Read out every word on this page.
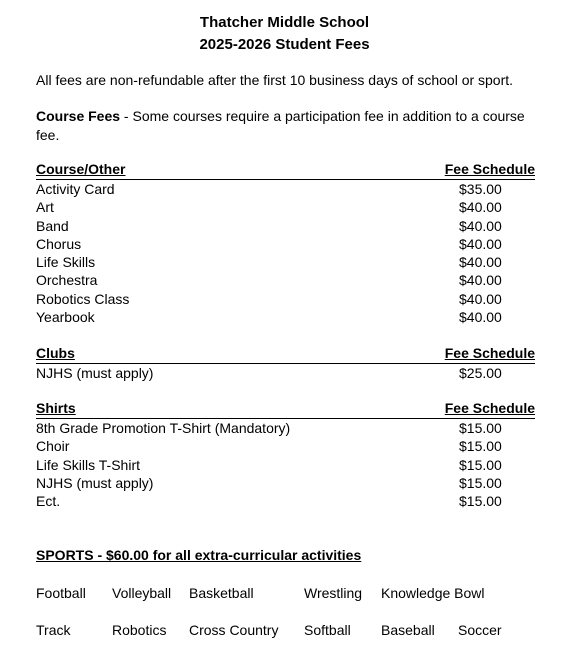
Thatcher Middle School
2025-2026 Student Fees
All fees are non-refundable after the first 10 business days of school or sport.
Course Fees - Some courses require a participation fee in addition to a course fee.
Course/Other	Fee Schedule
Activity Card	$35.00
Art	$40.00
Band	$40.00
Chorus	$40.00
Life Skills	$40.00
Orchestra	$40.00
Robotics Class	$40.00
Yearbook	$40.00
Clubs	Fee Schedule
NJHS (must apply)	$25.00
Shirts	Fee Schedule
8th Grade Promotion T-Shirt (Mandatory)	$15.00
Choir	$15.00
Life Skills T-Shirt	$15.00
NJHS (must apply)	$15.00
Ect.	$15.00
SPORTS - $60.00 for all extra-curricular activities
Football Volleyball Basketball	Wrestling Knowledge Bowl
Track	Robotics Cross Country Softball Baseball Soccer
